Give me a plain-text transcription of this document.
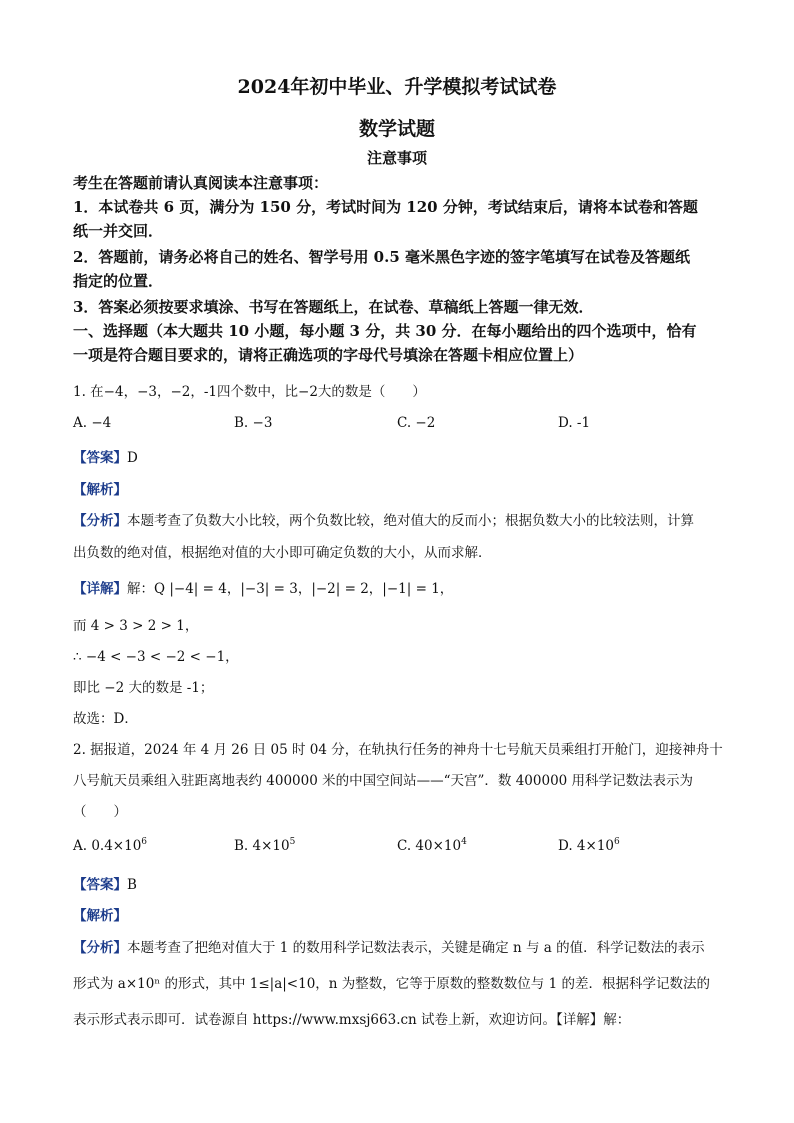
2024年初中毕业、升学模拟考试试卷
数学试题
注意事项
考生在答题前请认真阅读本注意事项：
1．本试卷共 6 页，满分为 150 分，考试时间为 120 分钟，考试结束后，请将本试卷和答题
纸一并交回．
2．答题前，请务必将自己的姓名、智学号用 0.5 毫米黑色字迹的签字笔填写在试卷及答题纸
指定的位置．
3．答案必须按要求填涂、书写在答题纸上，在试卷、草稿纸上答题一律无效．
一、选择题（本大题共 10 小题，每小题 3 分，共 30 分．在每小题给出的四个选项中，恰有
一项是符合题目要求的，请将正确选项的字母代号填涂在答题卡相应位置上）
1. 在−4，−3，−2，-1四个数中，比−2大的数是（　　）
A. −4	B. −3	C. −2	D. -1
【答案】D
【解析】
【分析】本题考查了负数大小比较，两个负数比较，绝对值大的反而小；根据负数大小的比较法则，计算
出负数的绝对值，根据绝对值的大小即可确定负数的大小，从而求解．
【详解】解：Q |−4| = 4，|−3| = 3，|−2| = 2，|−1| = 1，
而 4 > 3 > 2 > 1，
∴ −4 < −3 < −2 < −1，
即比 −2 大的数是 -1；
故选：D．
2. 据报道，2024 年 4 月 26 日 05 时 04 分，在轨执行任务的神舟十七号航天员乘组打开舱门，迎接神舟十
八号航天员乘组入驻距离地表约 400000 米的中国空间站——“天宫”．数 400000 用科学记数法表示为
（　　）
A. $0.4\times 10^6$	B. $4\times 10^5$	C. $40\times 10^4$	D. $4\times 10^6$
【答案】B
【解析】
【分析】本题考查了把绝对值大于 1 的数用科学记数法表示，关键是确定 n 与 a 的值．科学记数法的表示
形式为 a×10ⁿ 的形式，其中 1≤|a|<10，n 为整数，它等于原数的整数数位与 1 的差．根据科学记数法的
表示形式表示即可．试卷源自 https://www.mxsj663.cn 试卷上新，欢迎访问。【详解】解：
